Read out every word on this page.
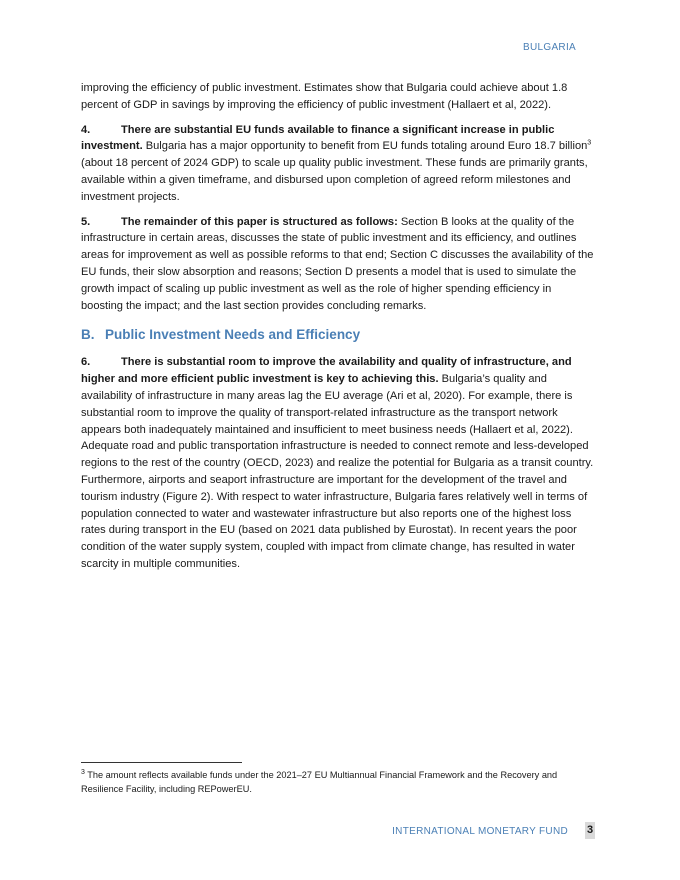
BULGARIA

improving the efficiency of public investment. Estimates show that Bulgaria could achieve about 1.8 percent of GDP in savings by improving the efficiency of public investment (Hallaert et al, 2022).

4.	There are substantial EU funds available to finance a significant increase in public investment. Bulgaria has a major opportunity to benefit from EU funds totaling around Euro 18.7 billion$^3$ (about 18 percent of 2024 GDP) to scale up quality public investment. These funds are primarily grants, available within a given timeframe, and disbursed upon completion of agreed reform milestones and investment projects.

5.	The remainder of this paper is structured as follows: Section B looks at the quality of the infrastructure in certain areas, discusses the state of public investment and its efficiency, and outlines areas for improvement as well as possible reforms to that end; Section C discusses the availability of the EU funds, their slow absorption and reasons; Section D presents a model that is used to simulate the growth impact of scaling up public investment as well as the role of higher spending efficiency in boosting the impact; and the last section provides concluding remarks.

B. Public Investment Needs and Efficiency

6.	There is substantial room to improve the availability and quality of infrastructure, and higher and more efficient public investment is key to achieving this. Bulgaria’s quality and availability of infrastructure in many areas lag the EU average (Ari et al, 2020). For example, there is substantial room to improve the quality of transport-related infrastructure as the transport network appears both inadequately maintained and insufficient to meet business needs (Hallaert et al, 2022). Adequate road and public transportation infrastructure is needed to connect remote and less-developed regions to the rest of the country (OECD, 2023) and realize the potential for Bulgaria as a transit country. Furthermore, airports and seaport infrastructure are important for the development of the travel and tourism industry (Figure 2). With respect to water infrastructure, Bulgaria fares relatively well in terms of population connected to water and wastewater infrastructure but also reports one of the highest loss rates during transport in the EU (based on 2021 data published by Eurostat). In recent years the poor condition of the water supply system, coupled with impact from climate change, has resulted in water scarcity in multiple communities.

$^3$ The amount reflects available funds under the 2021–27 EU Multiannual Financial Framework and the Recovery and Resilience Facility, including REPowerEU.
INTERNATIONAL MONETARY FUND 3
